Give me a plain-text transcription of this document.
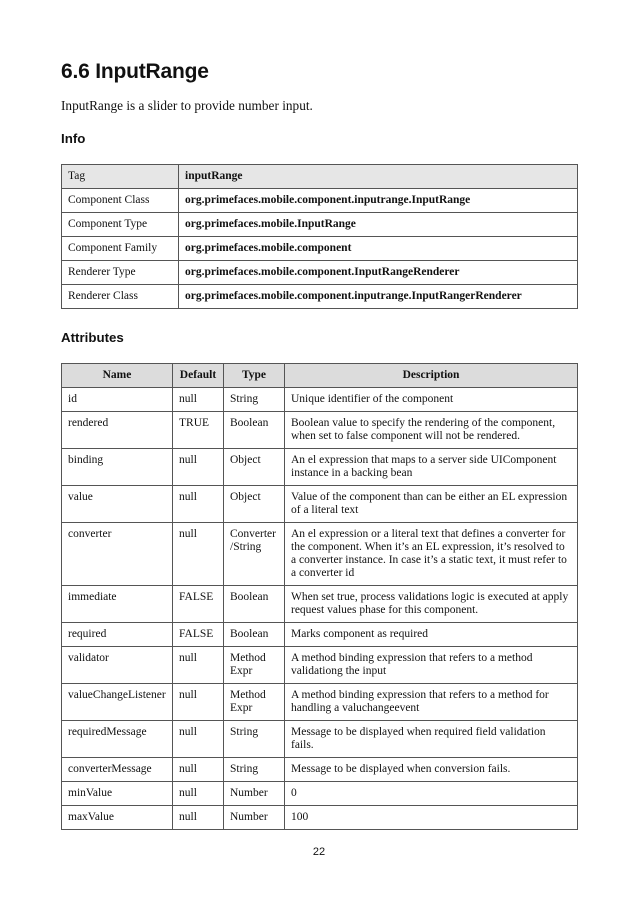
6.6 InputRange

InputRange is a slider to provide number input.

Info
Tag	inputRange
Component Class	org.primefaces.mobile.component.inputrange.InputRange
Component Type	org.primefaces.mobile.InputRange
Component Family	org.primefaces.mobile.component
Renderer Type	org.primefaces.mobile.component.InputRangeRenderer
Renderer Class	org.primefaces.mobile.component.inputrange.InputRangerRenderer
Attributes
Name	Default	Type	Description
id	null	String	Unique identifier of the component
rendered	TRUE	Boolean	Boolean value to specify the rendering of the component, when set to false component will not be rendered.
binding	null	Object	An el expression that maps to a server side UIComponent instance in a backing bean
value	null	Object	Value of the component than can be either an EL expression of a literal text
converter	null	Converter /String	An el expression or a literal text that defines a converter for the component. When it’s an EL expression, it’s resolved to a converter instance. In case it’s a static text, it must refer to a converter id
immediate	FALSE	Boolean	When set true, process validations logic is executed at apply request values phase for this component.
required	FALSE	Boolean	Marks component as required
validator	null	Method Expr	A method binding expression that refers to a method validationg the input
valueChangeListener	null	Method Expr	A method binding expression that refers to a method for handling a valuchangeevent
requiredMessage	null	String	Message to be displayed when required field validation fails.
converterMessage	null	String	Message to be displayed when conversion fails.
minValue	null	Number	0
maxValue	null	Number	100
22
